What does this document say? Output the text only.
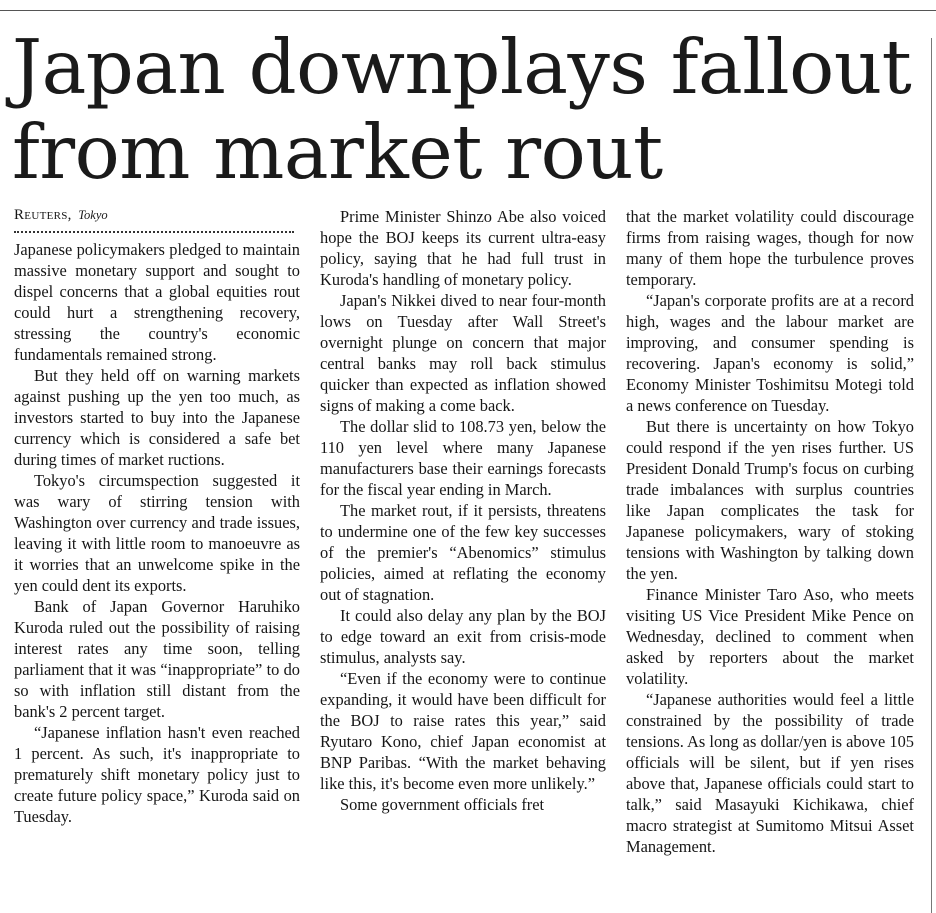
Japan downplays fallout
from market rout
Reuters, Tokyo

Japanese policymakers pledged to maintain massive monetary support and sought to dispel concerns that a global equities rout could hurt a strengthening recovery, stressing the country's economic fundamentals remained strong.

But they held off on warning markets against pushing up the yen too much, as investors started to buy into the Japanese currency which is considered a safe bet during times of market ructions.

Tokyo's circumspection suggested it was wary of stirring tension with Washington over currency and trade issues, leaving it with little room to manoeuvre as it worries that an unwelcome spike in the yen could dent its exports.

Bank of Japan Governor Haruhiko Kuroda ruled out the possibility of raising interest rates any time soon, telling parliament that it was “inappropriate” to do so with inflation still distant from the bank's 2 percent target.

“Japanese inflation hasn't even reached 1 percent. As such, it's inappropriate to prematurely shift monetary policy just to create future policy space,” Kuroda said on Tuesday.

Prime Minister Shinzo Abe also voiced hope the BOJ keeps its current ultra-easy policy, saying that he had full trust in Kuroda's handling of monetary policy.

Japan's Nikkei dived to near four-month lows on Tuesday after Wall Street's overnight plunge on concern that major central banks may roll back stimulus quicker than expected as inflation showed signs of making a come back.

The dollar slid to 108.73 yen, below the 110 yen level where many Japanese manufacturers base their earnings forecasts for the fiscal year ending in March.

The market rout, if it persists, threatens to undermine one of the few key successes of the premier's “Abenomics” stimulus policies, aimed at reflating the economy out of stagnation.

It could also delay any plan by the BOJ to edge toward an exit from crisis-mode stimulus, analysts say.

“Even if the economy were to continue expanding, it would have been difficult for the BOJ to raise rates this year,” said Ryutaro Kono, chief Japan economist at BNP Paribas. “With the market behaving like this, it's become even more unlikely.”

Some government officials fret

that the market volatility could discourage firms from raising wages, though for now many of them hope the turbulence proves temporary.

“Japan's corporate profits are at a record high, wages and the labour market are improving, and consumer spending is recovering. Japan's economy is solid,” Economy Minister Toshimitsu Motegi told a news conference on Tuesday.

But there is uncertainty on how Tokyo could respond if the yen rises further. US President Donald Trump's focus on curbing trade imbalances with surplus countries like Japan complicates the task for Japanese policymakers, wary of stoking tensions with Washington by talking down the yen.

Finance Minister Taro Aso, who meets visiting US Vice President Mike Pence on Wednesday, declined to comment when asked by reporters about the market volatility.

“Japanese authorities would feel a little constrained by the possibility of trade tensions. As long as dollar/yen is above 105 officials will be silent, but if yen rises above that, Japanese officials could start to talk,” said Masayuki Kichikawa, chief macro strategist at Sumitomo Mitsui Asset Management.
